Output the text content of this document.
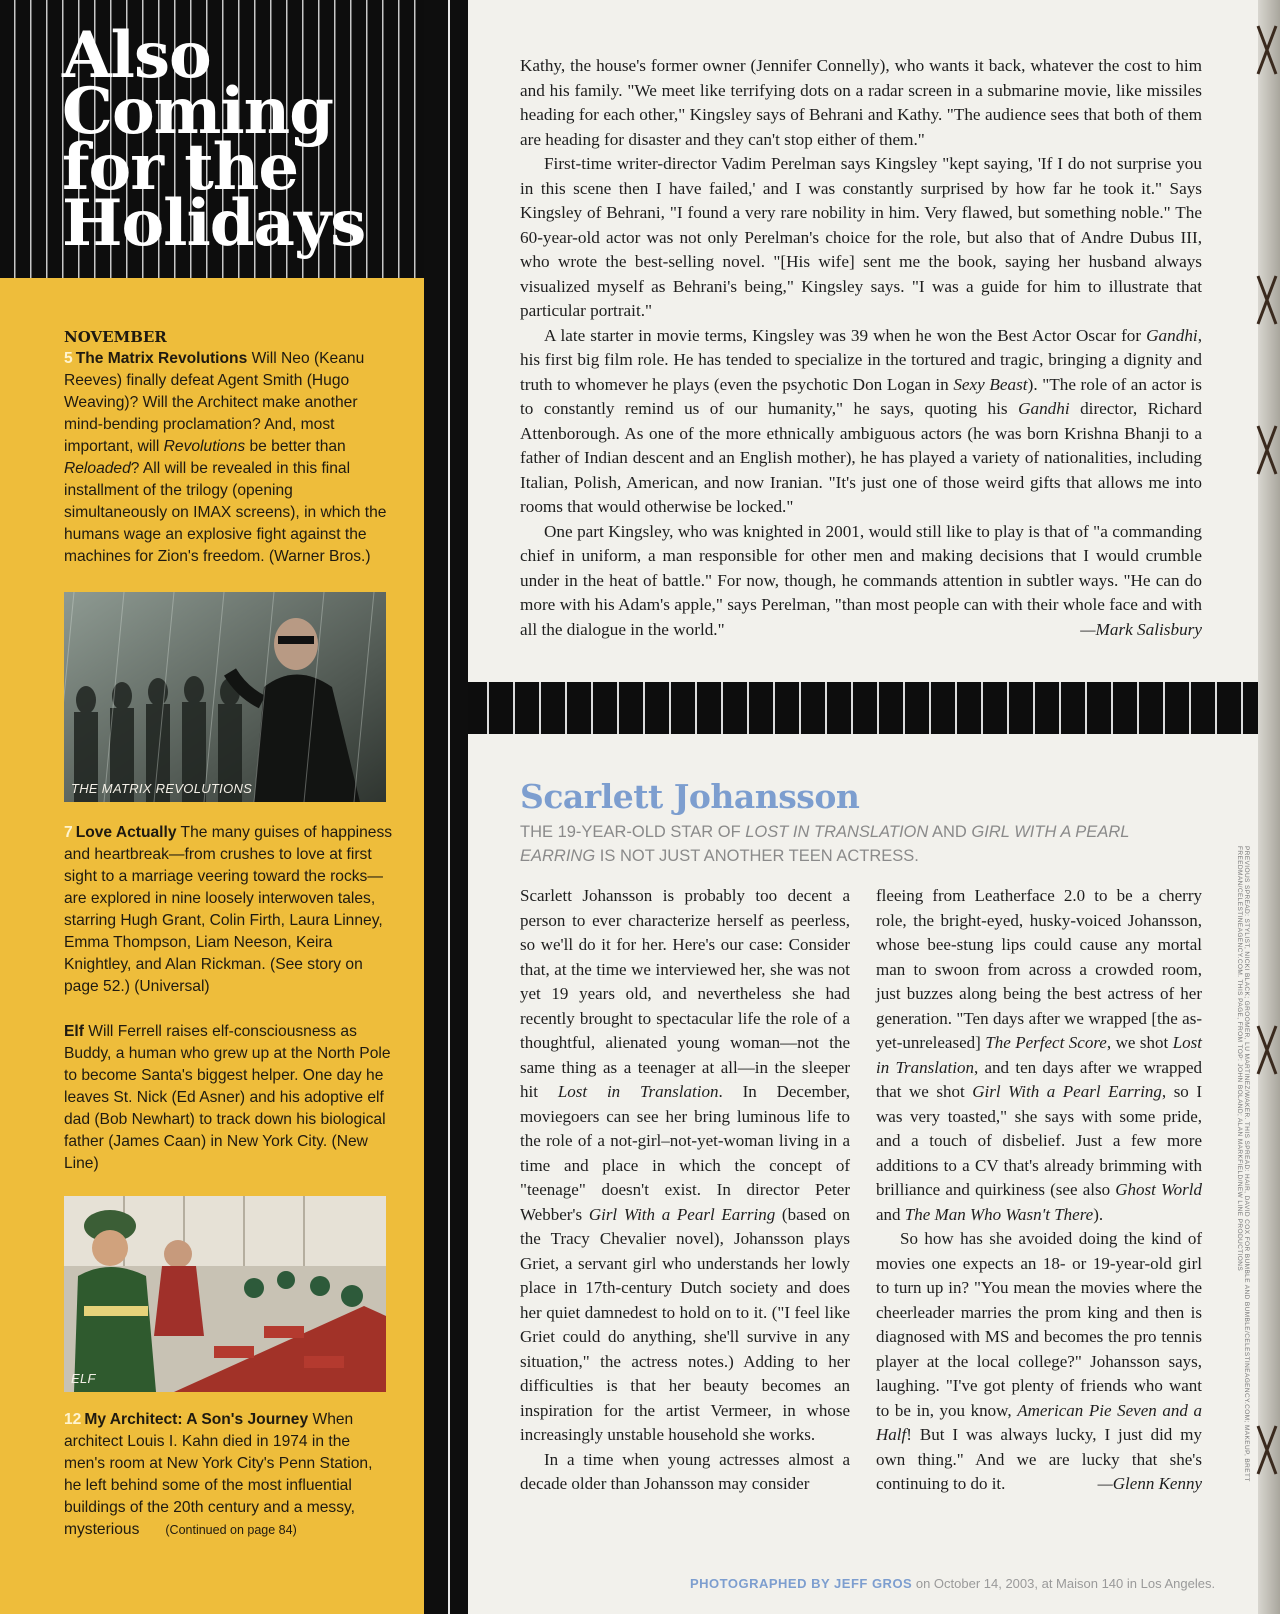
Also
Coming
for the
Holidays
NOVEMBER

5 The Matrix Revolutions Will Neo (Keanu Reeves) finally defeat Agent Smith (Hugo Weaving)? Will the Architect make another mind-bending proclamation? And, most important, will Revolutions be better than Reloaded? All will be revealed in this final installment of the trilogy (opening simultaneously on IMAX screens), in which the humans wage an explosive fight against the machines for Zion's freedom. (Warner Bros.)

THE MATRIX REVOLUTIONS

7 Love Actually The many guises of happiness and heartbreak—from crushes to love at first sight to a marriage veering toward the rocks—are explored in nine loosely interwoven tales, starring Hugh Grant, Colin Firth, Laura Linney, Emma Thompson, Liam Neeson, Keira Knightley, and Alan Rickman. (See story on page 52.) (Universal)

Elf Will Ferrell raises elf-consciousness as Buddy, a human who grew up at the North Pole to become Santa's biggest helper. One day he leaves St. Nick (Ed Asner) and his adoptive elf dad (Bob Newhart) to track down his biological father (James Caan) in New York City. (New Line)

ELF

12 My Architect: A Son's Journey When architect Louis I. Kahn died in 1974 in the men's room at New York City's Penn Station, he left behind some of the most influential buildings of the 20th century and a messy, mysterious (Continued on page 84)

Kathy, the house's former owner (Jennifer Connelly), who wants it back, whatever the cost to him and his family. "We meet like terrifying dots on a radar screen in a submarine movie, like missiles heading for each other," Kingsley says of Behrani and Kathy. "The audience sees that both of them are heading for disaster and they can't stop either of them."

First-time writer-director Vadim Perelman says Kingsley "kept saying, 'If I do not surprise you in this scene then I have failed,' and I was constantly surprised by how far he took it." Says Kingsley of Behrani, "I found a very rare nobility in him. Very flawed, but something noble." The 60-year-old actor was not only Perelman's choice for the role, but also that of Andre Dubus III, who wrote the best-selling novel. "[His wife] sent me the book, saying her husband always visualized myself as Behrani's being," Kingsley says. "I was a guide for him to illustrate that particular portrait."

A late starter in movie terms, Kingsley was 39 when he won the Best Actor Oscar for Gandhi, his first big film role. He has tended to specialize in the tortured and tragic, bringing a dignity and truth to whomever he plays (even the psychotic Don Logan in Sexy Beast). "The role of an actor is to constantly remind us of our humanity," he says, quoting his Gandhi director, Richard Attenborough. As one of the more ethnically ambiguous actors (he was born Krishna Bhanji to a father of Indian descent and an English mother), he has played a variety of nationalities, including Italian, Polish, American, and now Iranian. "It's just one of those weird gifts that allows me into rooms that would otherwise be locked."

One part Kingsley, who was knighted in 2001, would still like to play is that of "a commanding chief in uniform, a man responsible for other men and making decisions that I would crumble under in the heat of battle." For now, though, he commands attention in subtler ways. "He can do more with his Adam's apple," says Perelman, "than most people can with their whole face and with all the dialogue in the world."	—Mark Salisbury

Scarlett Johansson
THE 19-YEAR-OLD STAR OF LOST IN TRANSLATION AND GIRL WITH A PEARL EARRING IS NOT JUST ANOTHER TEEN ACTRESS.

Scarlett Johansson is probably too decent a person to ever characterize herself as peerless, so we'll do it for her. Here's our case: Consider that, at the time we interviewed her, she was not yet 19 years old, and nevertheless she had recently brought to spectacular life the role of a thoughtful, alienated young woman—not the same thing as a teenager at all—in the sleeper hit Lost in Translation. In December, moviegoers can see her bring luminous life to the role of a not-girl–not-yet-woman living in a time and place in which the concept of "teenage" doesn't exist. In director Peter Webber's Girl With a Pearl Earring (based on the Tracy Chevalier novel), Johansson plays Griet, a servant girl who understands her lowly place in 17th-century Dutch society and does her quiet damnedest to hold on to it. ("I feel like Griet could do anything, she'll survive in any situation," the actress notes.) Adding to her difficulties is that her beauty becomes an inspiration for the artist Vermeer, in whose increasingly unstable household she works.

In a time when young actresses almost a decade older than Johansson may consider

fleeing from Leatherface 2.0 to be a cherry role, the bright-eyed, husky-voiced Johansson, whose bee-stung lips could cause any mortal man to swoon from across a crowded room, just buzzes along being the best actress of her generation. "Ten days after we wrapped [the as-yet-unreleased] The Perfect Score, we shot Lost in Translation, and ten days after we wrapped that we shot Girl With a Pearl Earring, so I was very toasted," she says with some pride, and a touch of disbelief. Just a few more additions to a CV that's already brimming with brilliance and quirkiness (see also Ghost World and The Man Who Wasn't There).

So how has she avoided doing the kind of movies one expects an 18- or 19-year-old girl to turn up in? "You mean the movies where the cheerleader marries the prom king and then is diagnosed with MS and becomes the pro tennis player at the local college?" Johansson says, laughing. "I've got plenty of friends who want to be in, you know, American Pie Seven and a Half! But I was always lucky, I just did my own thing." And we are lucky that she's continuing to do it.	—Glenn Kenny

PHOTOGRAPHED BY JEFF GROS on October 14, 2003, at Maison 140 in Los Angeles.
PREVIOUS SPREAD: STYLIST, NICKI BLACK; GROOMER, LU MARTINEZ/WAKER. THIS SPREAD: HAIR, DAVID COX FOR BUMBLE AND BUMBLE/CELESTINEAGENCY.COM; MAKEUP, BRETT FREEDMAN/CELESTINEAGENCY.COM. THIS PAGE, FROM TOP: JOHN BOLAND; ALAN MARKFIELD/NEW LINE PRODUCTIONS
